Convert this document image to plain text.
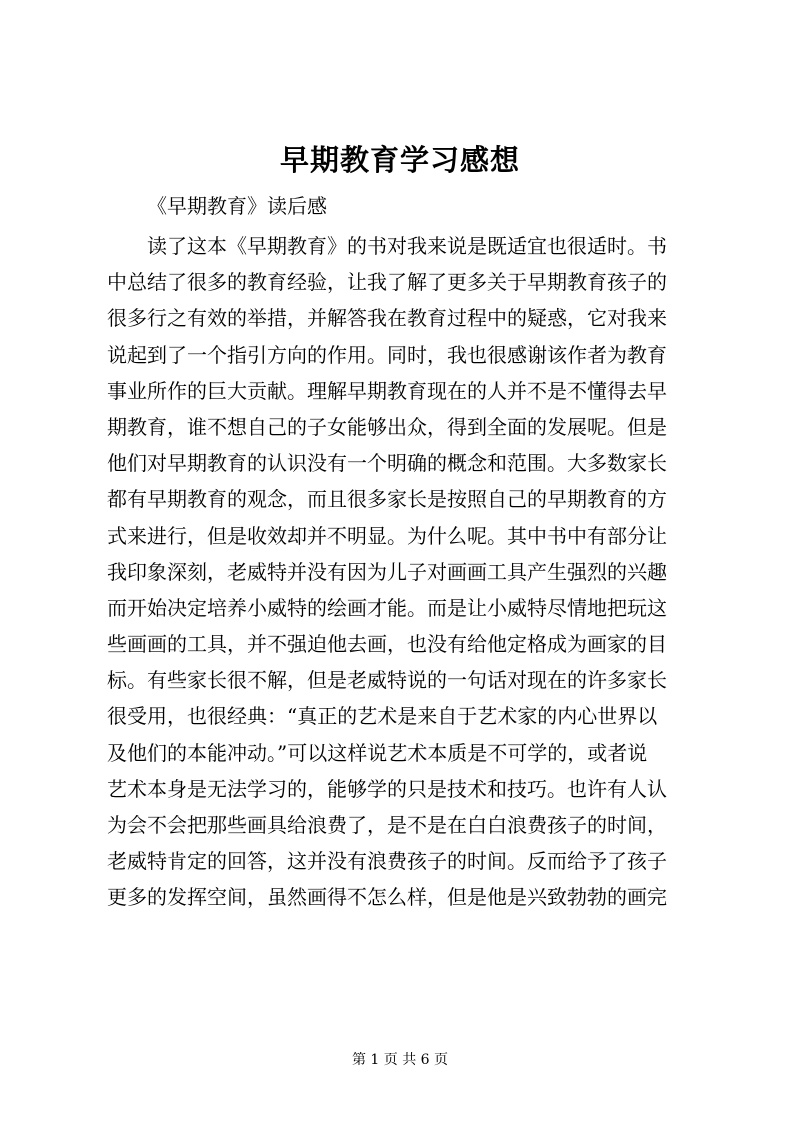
早期教育学习感想
《早期教育》读后感
读了这本《早期教育》的书对我来说是既适宜也很适时。书
中总结了很多的教育经验，让我了解了更多关于早期教育孩子的
很多行之有效的举措，并解答我在教育过程中的疑惑，它对我来
说起到了一个指引方向的作用。同时，我也很感谢该作者为教育
事业所作的巨大贡献。理解早期教育现在的人并不是不懂得去早
期教育，谁不想自己的子女能够出众，得到全面的发展呢。但是
他们对早期教育的认识没有一个明确的概念和范围。大多数家长
都有早期教育的观念，而且很多家长是按照自己的早期教育的方
式来进行，但是收效却并不明显。为什么呢。其中书中有部分让
我印象深刻，老威特并没有因为儿子对画画工具产生强烈的兴趣
而开始决定培养小威特的绘画才能。而是让小威特尽情地把玩这
些画画的工具，并不强迫他去画，也没有给他定格成为画家的目
标。有些家长很不解，但是老威特说的一句话对现在的许多家长
很受用，也很经典：“真正的艺术是来自于艺术家的内心世界以
及他们的本能冲动。”可以这样说艺术本质是不可学的，或者说
艺术本身是无法学习的，能够学的只是技术和技巧。也许有人认
为会不会把那些画具给浪费了，是不是在白白浪费孩子的时间，
老威特肯定的回答，这并没有浪费孩子的时间。反而给予了孩子
更多的发挥空间，虽然画得不怎么样，但是他是兴致勃勃的画完
第 1 页 共 6 页
